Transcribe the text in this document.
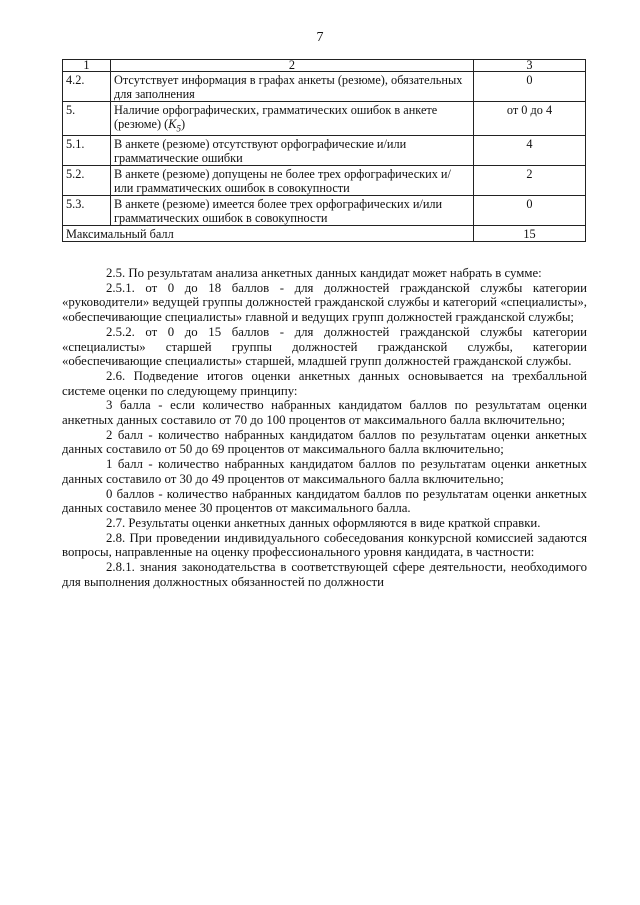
7
1	2	3
4.2.	Отсутствует информация в графах анкеты (резюме), обязательных для заполнения	0
5.	Наличие орфографических, грамматических ошибок в анкете (резюме) $(K_5)$	от 0 до 4
5.1.	В анкете (резюме) отсутствуют орфографические и/или грамматические ошибки	4
5.2.	В анкете (резюме) допущены не более трех орфографических и/или грамматических ошибок в совокупности	2
5.3.	В анкете (резюме) имеется более трех орфографических и/или грамматических ошибок в совокупности	0
Максимальный балл		15

2.5. По результатам анализа анкетных данных кандидат может набрать в сумме:

2.5.1. от 0 до 18 баллов - для должностей гражданской службы категории «руководители» ведущей группы должностей гражданской службы и категорий «специалисты», «обеспечивающие специалисты» главной и ведущих групп должностей гражданской службы;

2.5.2. от 0 до 15 баллов - для должностей гражданской службы категории «специалисты» старшей группы должностей гражданской службы, категории «обеспечивающие специалисты» старшей, младшей групп должностей гражданской службы.

2.6. Подведение итогов оценки анкетных данных основывается на трехбалльной системе оценки по следующему принципу:

3 балла - если количество набранных кандидатом баллов по результатам оценки анкетных данных составило от 70 до 100 процентов от максимального балла включительно;

2 балл - количество набранных кандидатом баллов по результатам оценки анкетных данных составило от 50 до 69 процентов от максимального балла включительно;

1 балл - количество набранных кандидатом баллов по результатам оценки анкетных данных составило от 30 до 49 процентов от максимального балла включительно;

0 баллов - количество набранных кандидатом баллов по результатам оценки анкетных данных составило менее 30 процентов от максимального балла.

2.7. Результаты оценки анкетных данных оформляются в виде краткой справки.

2.8. При проведении индивидуального собеседования конкурсной комиссией задаются вопросы, направленные на оценку профессионального уровня кандидата, в частности:

2.8.1. знания законодательства в соответствующей сфере деятельности, необходимого для выполнения должностных обязанностей по должности
